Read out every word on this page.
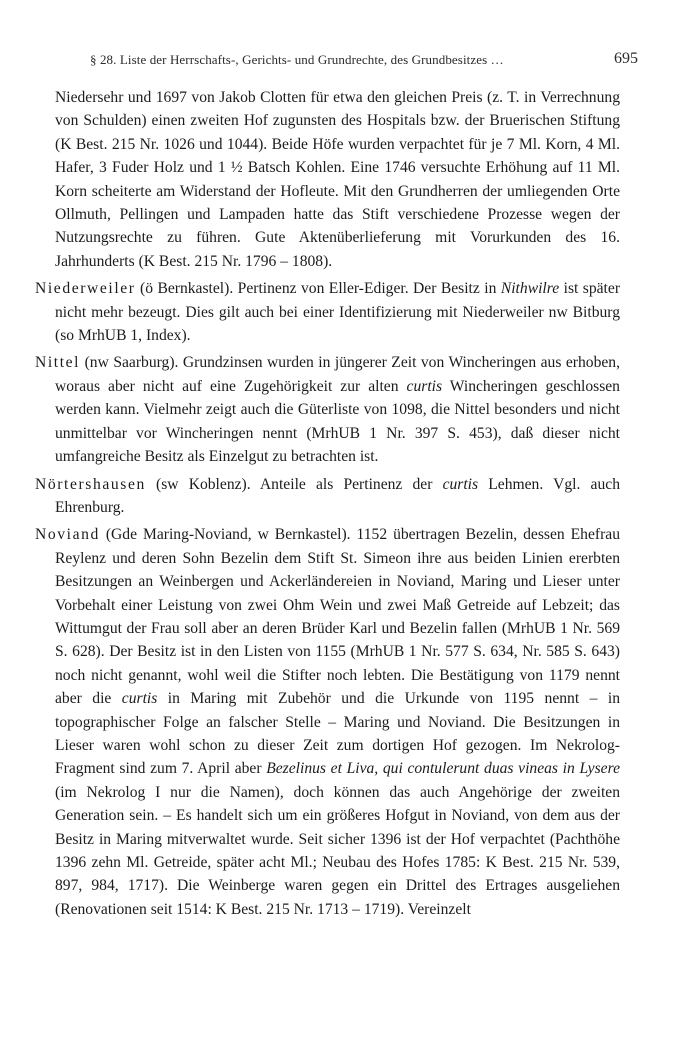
§ 28. Liste der Herrschafts-, Gerichts- und Grundrechte, des Grundbesitzes …	695

Niedersehr und 1697 von Jakob Clotten für etwa den gleichen Preis (z. T. in Verrechnung von Schulden) einen zweiten Hof zugunsten des Hospitals bzw. der Bruerischen Stiftung (K Best. 215 Nr. 1026 und 1044). Beide Höfe wurden verpachtet für je 7 Ml. Korn, 4 Ml. Hafer, 3 Fuder Holz und 1 ½ Batsch Kohlen. Eine 1746 versuchte Erhöhung auf 11 Ml. Korn scheiterte am Widerstand der Hofleute. Mit den Grundherren der umliegenden Orte Ollmuth, Pellingen und Lampaden hatte das Stift verschiedene Prozesse wegen der Nutzungsrechte zu führen. Gute Aktenüberlieferung mit Vorurkunden des 16. Jahrhunderts (K Best. 215 Nr. 1796 – 1808).

Niederweiler (ö Bernkastel). Pertinenz von Eller-Ediger. Der Besitz in Nithwilre ist später nicht mehr bezeugt. Dies gilt auch bei einer Identifizierung mit Niederweiler nw Bitburg (so MrhUB 1, Index).

Nittel (nw Saarburg). Grundzinsen wurden in jüngerer Zeit von Wincheringen aus erhoben, woraus aber nicht auf eine Zugehörigkeit zur alten curtis Wincheringen geschlossen werden kann. Vielmehr zeigt auch die Güterliste von 1098, die Nittel besonders und nicht unmittelbar vor Wincheringen nennt (MrhUB 1 Nr. 397 S. 453), daß dieser nicht umfangreiche Besitz als Einzelgut zu betrachten ist.

Nörtershausen (sw Koblenz). Anteile als Pertinenz der curtis Lehmen. Vgl. auch Ehrenburg.

Noviand (Gde Maring-Noviand, w Bernkastel). 1152 übertragen Bezelin, dessen Ehefrau Reylenz und deren Sohn Bezelin dem Stift St. Simeon ihre aus beiden Linien ererbten Besitzungen an Weinbergen und Ackerländereien in Noviand, Maring und Lieser unter Vorbehalt einer Leistung von zwei Ohm Wein und zwei Maß Getreide auf Lebzeit; das Wittumgut der Frau soll aber an deren Brüder Karl und Bezelin fallen (MrhUB 1 Nr. 569 S. 628). Der Besitz ist in den Listen von 1155 (MrhUB 1 Nr. 577 S. 634, Nr. 585 S. 643) noch nicht genannt, wohl weil die Stifter noch lebten. Die Bestätigung von 1179 nennt aber die curtis in Maring mit Zubehör und die Urkunde von 1195 nennt – in topographischer Folge an falscher Stelle – Maring und Noviand. Die Besitzungen in Lieser waren wohl schon zu dieser Zeit zum dortigen Hof gezogen. Im Nekrolog-Fragment sind zum 7. April aber Bezelinus et Liva, qui contulerunt duas vineas in Lysere (im Nekrolog I nur die Namen), doch können das auch Angehörige der zweiten Generation sein. – Es handelt sich um ein größeres Hofgut in Noviand, von dem aus der Besitz in Maring mitverwaltet wurde. Seit sicher 1396 ist der Hof verpachtet (Pachthöhe 1396 zehn Ml. Getreide, später acht Ml.; Neubau des Hofes 1785: K Best. 215 Nr. 539, 897, 984, 1717). Die Weinberge waren gegen ein Drittel des Ertrages ausgeliehen (Renovationen seit 1514: K Best. 215 Nr. 1713 – 1719). Vereinzelt
